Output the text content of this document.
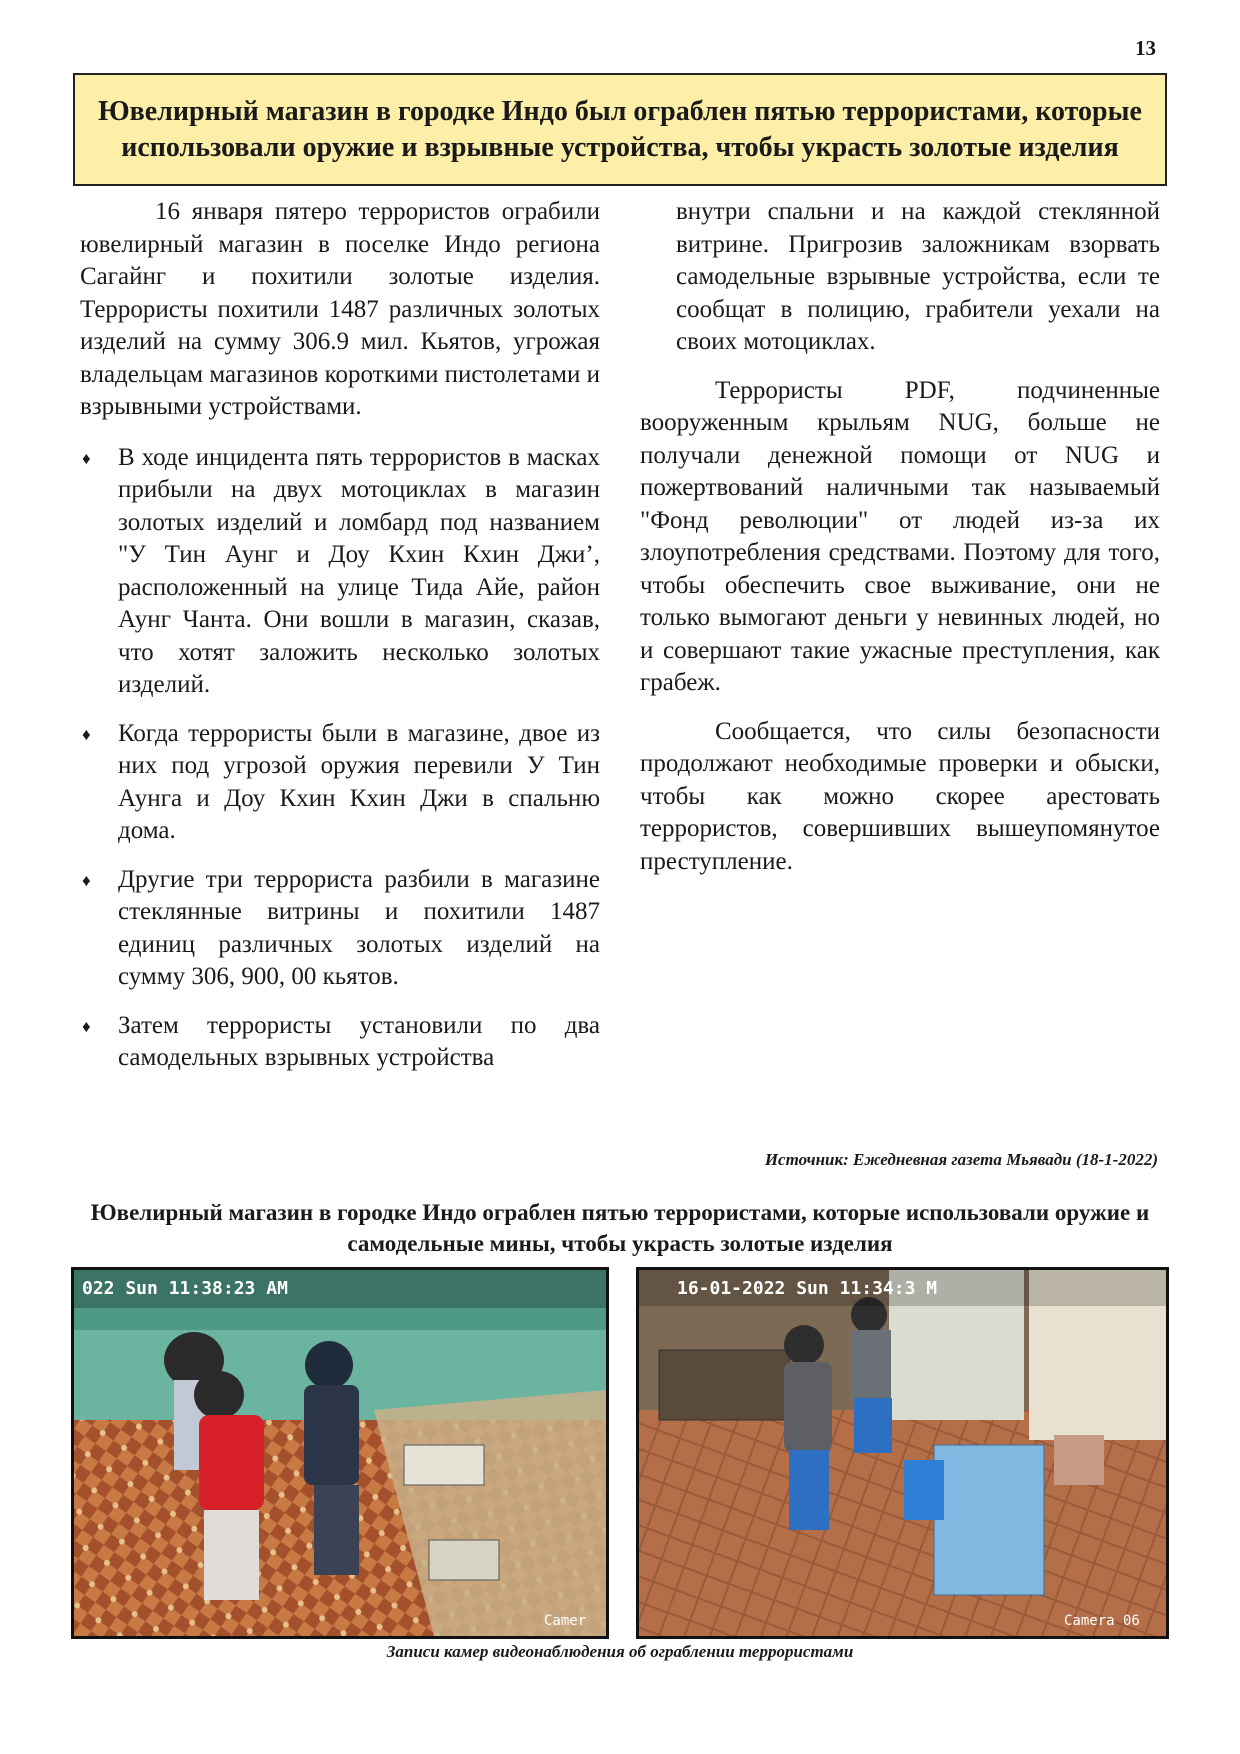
13
Ювелирный магазин в городке Индо был ограблен пятью террористами, которые использовали оружие и взрывные устройства, чтобы украсть золотые изделия

16 января пятеро террористов ограбили ювелирный магазин в поселке Индо региона Сагайнг и похитили золотые изделия. Террористы похитили 1487 различных золотых изделий на сумму 306.9 мил. Кьятов, угрожая владельцам магазинов короткими пистолетами и взрывными устройствами.

♦ В ходе инцидента пять террористов в масках прибыли на двух мотоциклах в магазин золотых изделий и ломбард под названием "У Тин Аунг и Доу Кхин Кхин Джи’, расположенный на улице Тида Айе, район Аунг Чанта. Они вошли в магазин, сказав, что хотят заложить несколько золотых изделий.
♦ Когда террористы были в магазине, двое из них под угрозой оружия перевили У Тин Аунга и Доу Кхин Кхин Джи в спальню дома.
♦ Другие три террориста разбили в магазине стеклянные витрины и похитили 1487 единиц различных золотых изделий на сумму 306, 900, 00 кьятов.
♦ Затем террористы установили по два самодельных взрывных устройства

внутри спальни и на каждой стеклянной витрине. Пригрозив заложникам взорвать самодельные взрывные устройства, если те сообщат в полицию, грабители уехали на своих мотоциклах.

Террористы PDF, подчиненные вооруженным крыльям NUG, больше не получали денежной помощи от NUG и пожертвований наличными так называемый "Фонд революции" от людей из-за их злоупотребления средствами. Поэтому для того, чтобы обеспечить свое выживание, они не только вымогают деньги у невинных людей, но и совершают такие ужасные преступления, как грабеж.

Сообщается, что силы безопасности продолжают необходимые проверки и обыски, чтобы как можно скорее арестовать террористов, совершивших вышеупомянутое преступление.

Источник: Ежедневная газета Мьявади (18-1-2022)
Ювелирный магазин в городке Индо ограблен пятью террористами, которые использовали оружие и самодельные мины, чтобы украсть золотые изделия
022 Sun 11:38:23 AM
Camer
16-01-2022 Sun 11:34:3 M
Camera 06
Записи камер видеонаблюдения об ограблении террористами
